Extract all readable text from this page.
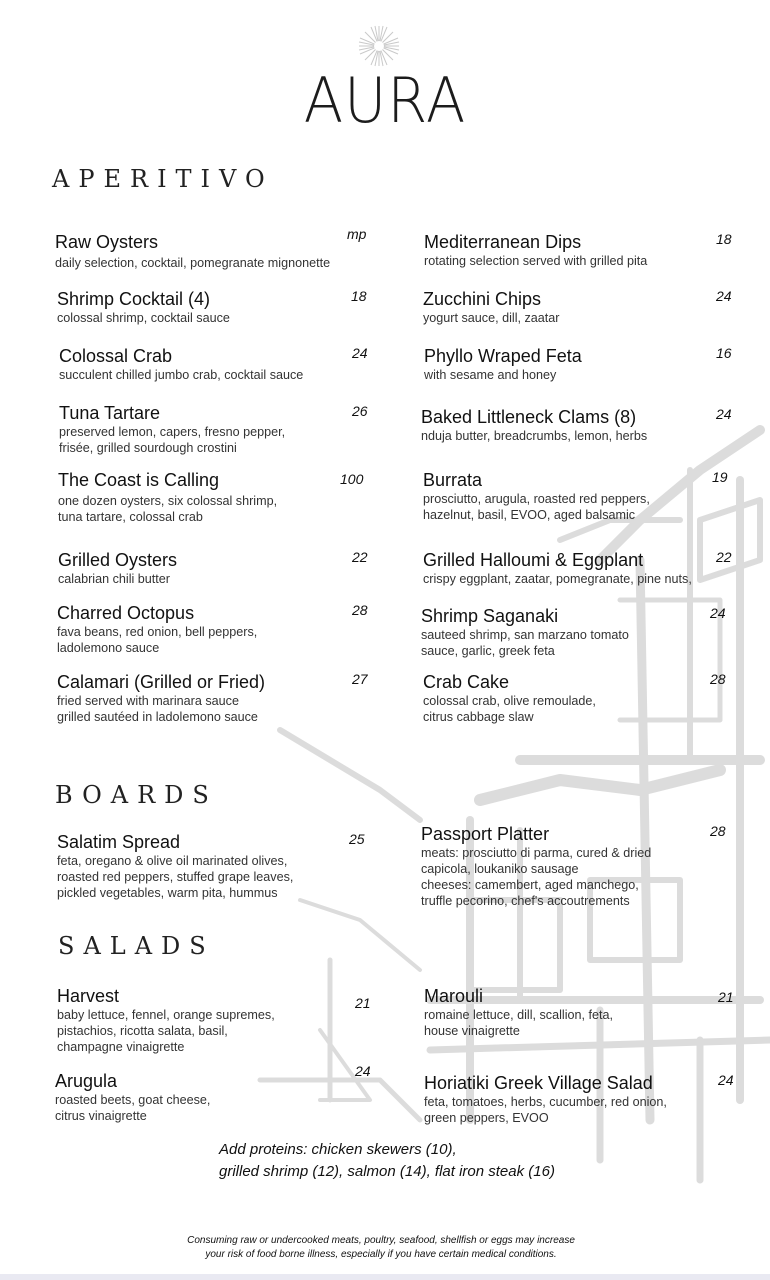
AURA
APERITIVO
Raw Oysters
daily selection, cocktail, pomegranate mignonette
mp
Shrimp Cocktail (4)
colossal shrimp, cocktail sauce
18
Colossal Crab
succulent chilled jumbo crab, cocktail sauce
24
Tuna Tartare
preserved lemon, capers, fresno pepper,
frisée, grilled sourdough crostini
26
The Coast is Calling
one dozen oysters, six colossal shrimp,
tuna tartare, colossal crab
100
Grilled Oysters
calabrian chili butter
22
Charred Octopus
fava beans, red onion, bell peppers,
ladolemono sauce
28
Calamari (Grilled or Fried)
fried served with marinara sauce
grilled sautéed in ladolemono sauce
27
Mediterranean Dips
rotating selection served with grilled pita
18
Zucchini Chips
yogurt sauce, dill, zaatar
24
Phyllo Wraped Feta
with sesame and honey
16
Baked Littleneck Clams (8)
nduja butter, breadcrumbs, lemon, herbs
24
Burrata
prosciutto, arugula, roasted red peppers,
hazelnut, basil, EVOO, aged balsamic
19
Grilled Halloumi & Eggplant
crispy eggplant, zaatar, pomegranate, pine nuts,
22
Shrimp Saganaki
sauteed shrimp, san marzano tomato
sauce, garlic, greek feta
24
Crab Cake
colossal crab, olive remoulade,
citrus cabbage slaw
28
BOARDS
Salatim Spread
feta, oregano & olive oil marinated olives,
roasted red peppers, stuffed grape leaves,
pickled vegetables, warm pita, hummus
25	Passport Platter
meats: prosciutto di parma, cured & dried
capicola, loukaniko sausage
cheeses: camembert, aged manchego,
truffle pecorino, chef's accoutrements
28
SALADS
Harvest
baby lettuce, fennel, orange supremes,
pistachios, ricotta salata, basil,
champagne vinaigrette
21	Marouli
romaine lettuce, dill, scallion, feta,
house vinaigrette
21
Arugula
roasted beets, goat cheese,
citrus vinaigrette
24
Horiatiki Greek Village Salad
feta, tomatoes, herbs, cucumber, red onion,
green peppers, EVOO
24
Add proteins: chicken skewers (10),
grilled shrimp (12), salmon (14), flat iron steak (16)
Consuming raw or undercooked meats, poultry, seafood, shellfish or eggs may increase
your risk of food borne illness, especially if you have certain medical conditions.
